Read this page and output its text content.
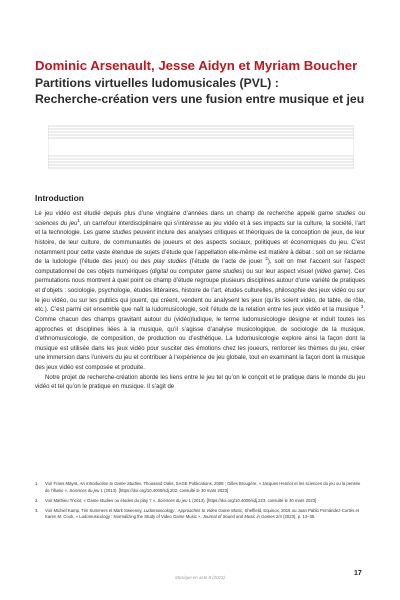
Dominic Arsenault, Jesse Aidyn et Myriam Boucher
Partitions virtuelles ludomusicales (PVL) :
Recherche-création vers une fusion entre musique et jeu
Introduction

Le jeu vidéo est étudié depuis plus d’une vingtaine d’années dans un champ de recherche appelé game studies ou sciences du jeu$^1$, un carrefour interdisciplinaire qui s’intéresse au jeu vidéo et à ses impacts sur la culture, la société, l’art et la technologie. Les game studies peuvent inclure des analyses critiques et théoriques de la conception de jeux, de leur histoire, de leur culture, de communautés de joueurs et des aspects sociaux, politiques et économiques du jeu. C’est notamment pour cette vaste étendue de sujets d’étude que l’appellation elle-même est matière à débat : soit on se réclame de la ludologie (l’étude des jeux) ou des play studies (l’étude de l’acte de jouer $^2$), soit on met l’accent sur l’aspect computationnel de ces objets numériques (digital ou computer game studies) ou sur leur aspect visuel (video game). Ces permutations nous montrent à quel point ce champ d’étude regroupe plusieurs disciplines autour d’une variété de pratiques et d’objets : sociologie, psychologie, études littéraires, histoire de l’art, études culturelles, philosophie des jeux vidéo ou sur le jeu vidéo, ou sur les publics qui jouent, qui créent, vendent ou analysent les jeux (qu’ils soient vidéo, de table, de rôle, etc.). C’est parmi cet ensemble que naît la ludomusicologie, soit l’étude de la relation entre les jeux vidéo et la musique $^3$. Comme chacun des champs gravitant autour du (vidéo)ludique, le terme ludomusicologie désigne et induit toutes les approches et disciplines liées à la musique, qu’il s’agisse d’analyse musicologique, de sociologie de la musique, d’ethnomusicologie, de composition, de production ou d’esthétique. La ludomusicologie explore ainsi la façon dont la musique est utilisée dans les jeux vidéo pour susciter des émotions chez les joueurs, renforcer les thèmes du jeu, créer une immersion dans l’univers du jeu et contribuer à l’expérience de jeu globale, tout en examinant la façon dont la musique des jeux vidéo est composée et produite.

Notre projet de recherche-création aborde les liens entre le jeu tel qu’on le conçoit et le pratique dans le monde du jeu vidéo et tel qu’on le pratique en musique. Il s’agit de

1.	Voir Frans Mäyrä, An Introduction to Game Studies, Thousand Oaks, SAGE Publications, 2008 ; Gilles Brougère, « Jacques Henriot et les sciences du jeu ou la pensée de l’illusio », Sciences du jeu 1 (2013). [https://doi.org/10.4000/sdj.202, consulté le 30 mars 2023]
2.	Voir Mathieu Triclot, « Game studies ou études du play ? », Sciences du jeu 1 (2013). [https://doi.org/10.4000/sdj.223, consulté le 30 mars 2023]
3.	Voir Michiel Kamp, Tim Summers et Mark Sweeney, Ludomusicology : Approaches to Video Game Music, Sheffield, Equinox, 2016 ou Juan Pablo Fernández-Cortés et Karen M. Cook, « Ludomusicology : Normalizing the Study of Video Game Music », Journal of Sound and Music in Games 2/4 (2023), p. 13–35.
Musique en acte 8 (2023)
17
